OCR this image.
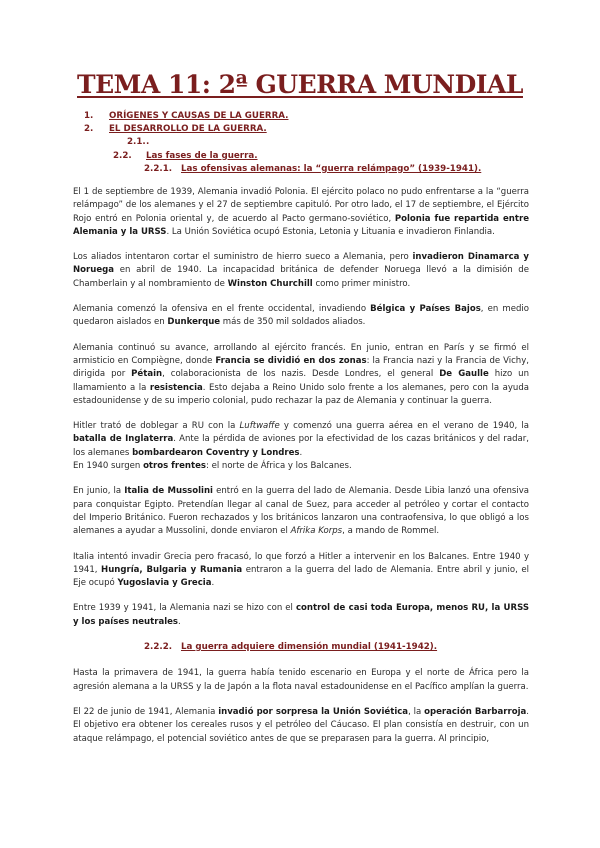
TEMA 11: 2ª GUERRA MUNDIAL
1. ORÍGENES Y CAUSAS DE LA GUERRA.
2. EL DESARROLLO DE LA GUERRA.
2.1. .
2.2. Las fases de la guerra.
2.2.1. Las ofensivas alemanas: la “guerra relámpago” (1939-1941).

El 1 de septiembre de 1939, Alemania invadió Polonia. El ejército polaco no pudo enfrentarse a la “guerra relámpago” de los alemanes y el 27 de septiembre capituló. Por otro lado, el 17 de septiembre, el Ejército Rojo entró en Polonia oriental y, de acuerdo al Pacto germano-soviético, Polonia fue repartida entre Alemania y la URSS. La Unión Soviética ocupó Estonia, Letonia y Lituania e invadieron Finlandia.

Los aliados intentaron cortar el suministro de hierro sueco a Alemania, pero invadieron Dinamarca y Noruega en abril de 1940. La incapacidad británica de defender Noruega llevó a la dimisión de Chamberlain y al nombramiento de Winston Churchill como primer ministro.

Alemania comenzó la ofensiva en el frente occidental, invadiendo Bélgica y Países Bajos, en medio quedaron aislados en Dunkerque más de 350 mil soldados aliados.

Alemania continuó su avance, arrollando al ejército francés. En junio, entran en París y se firmó el armisticio en Compiègne, donde Francia se dividió en dos zonas: la Francia nazi y la Francia de Vichy, dirigida por Pétain, colaboracionista de los nazis. Desde Londres, el general De Gaulle hizo un llamamiento a la resistencia. Esto dejaba a Reino Unido solo frente a los alemanes, pero con la ayuda estadounidense y de su imperio colonial, pudo rechazar la paz de Alemania y continuar la guerra.

Hitler trató de doblegar a RU con la Luftwaffe y comenzó una guerra aérea en el verano de 1940, la batalla de Inglaterra. Ante la pérdida de aviones por la efectividad de los cazas británicos y del radar, los alemanes bombardearon Coventry y Londres.

En 1940 surgen otros frentes: el norte de África y los Balcanes.

En junio, la Italia de Mussolini entró en la guerra del lado de Alemania. Desde Libia lanzó una ofensiva para conquistar Egipto. Pretendían llegar al canal de Suez, para acceder al petróleo y cortar el contacto del Imperio Británico. Fueron rechazados y los británicos lanzaron una contraofensiva, lo que obligó a los alemanes a ayudar a Mussolini, donde enviaron el Afrika Korps, a mando de Rommel.

Italia intentó invadir Grecia pero fracasó, lo que forzó a Hitler a intervenir en los Balcanes. Entre 1940 y 1941, Hungría, Bulgaria y Rumania entraron a la guerra del lado de Alemania. Entre abril y junio, el Eje ocupó Yugoslavia y Grecia.

Entre 1939 y 1941, la Alemania nazi se hizo con el control de casi toda Europa, menos RU, la URSS y los países neutrales.

2.2.2. La guerra adquiere dimensión mundial (1941-1942).

Hasta la primavera de 1941, la guerra había tenido escenario en Europa y el norte de África pero la agresión alemana a la URSS y la de Japón a la flota naval estadounidense en el Pacífico amplían la guerra.

El 22 de junio de 1941, Alemania invadió por sorpresa la Unión Soviética, la operación Barbarroja. El objetivo era obtener los cereales rusos y el petróleo del Cáucaso. El plan consistía en destruir, con un ataque relámpago, el potencial soviético antes de que se preparasen para la guerra. Al principio,
